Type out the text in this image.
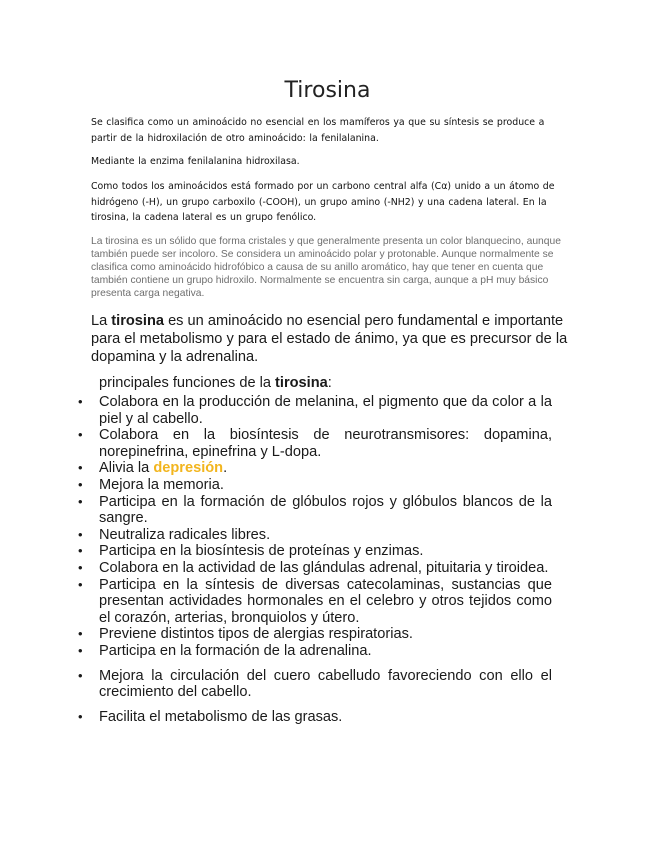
Tirosina

Se clasifica como un aminoácido no esencial en los mamíferos ya que su síntesis se produce a partir de la hidroxilación de otro aminoácido: la fenilalanina.

Mediante la enzima fenilalanina hidroxilasa.

Como todos los aminoácidos está formado por un carbono central alfa (Cα) unido a un átomo de hidrógeno (-H), un grupo carboxilo (-COOH), un grupo amino (-NH2) y una cadena lateral. En la tirosina, la cadena lateral es un grupo fenólico.

La tirosina es un sólido que forma cristales y que generalmente presenta un color blanquecino, aunque también puede ser incoloro. Se considera un aminoácido polar y protonable. Aunque normalmente se clasifica como aminoácido hidrofóbico a causa de su anillo aromático, hay que tener en cuenta que también contiene un grupo hidroxilo. Normalmente se encuentra sin carga, aunque a pH muy básico presenta carga negativa.

La tirosina es un aminoácido no esencial pero fundamental e importante para el metabolismo y para el estado de ánimo, ya que es precursor de la dopamina y la adrenalina.

principales funciones de la tirosina:

• Colabora en la producción de melanina, el pigmento que da color a la piel y al cabello.
• Colabora en la biosíntesis de neurotransmisores: dopamina, norepinefrina, epinefrina y L-dopa.
• Alivia la depresión.
• Mejora la memoria.
• Participa en la formación de glóbulos rojos y glóbulos blancos de la sangre.
• Neutraliza radicales libres.
• Participa en la biosíntesis de proteínas y enzimas.
• Colabora en la actividad de las glándulas adrenal, pituitaria y tiroidea.
• Participa en la síntesis de diversas catecolaminas, sustancias que presentan actividades hormonales en el celebro y otros tejidos como el corazón, arterias, bronquiolos y útero.
• Previene distintos tipos de alergias respiratorias.
• Participa en la formación de la adrenalina.
• Mejora la circulación del cuero cabelludo favoreciendo con ello el crecimiento del cabello.
• Facilita el metabolismo de las grasas.
